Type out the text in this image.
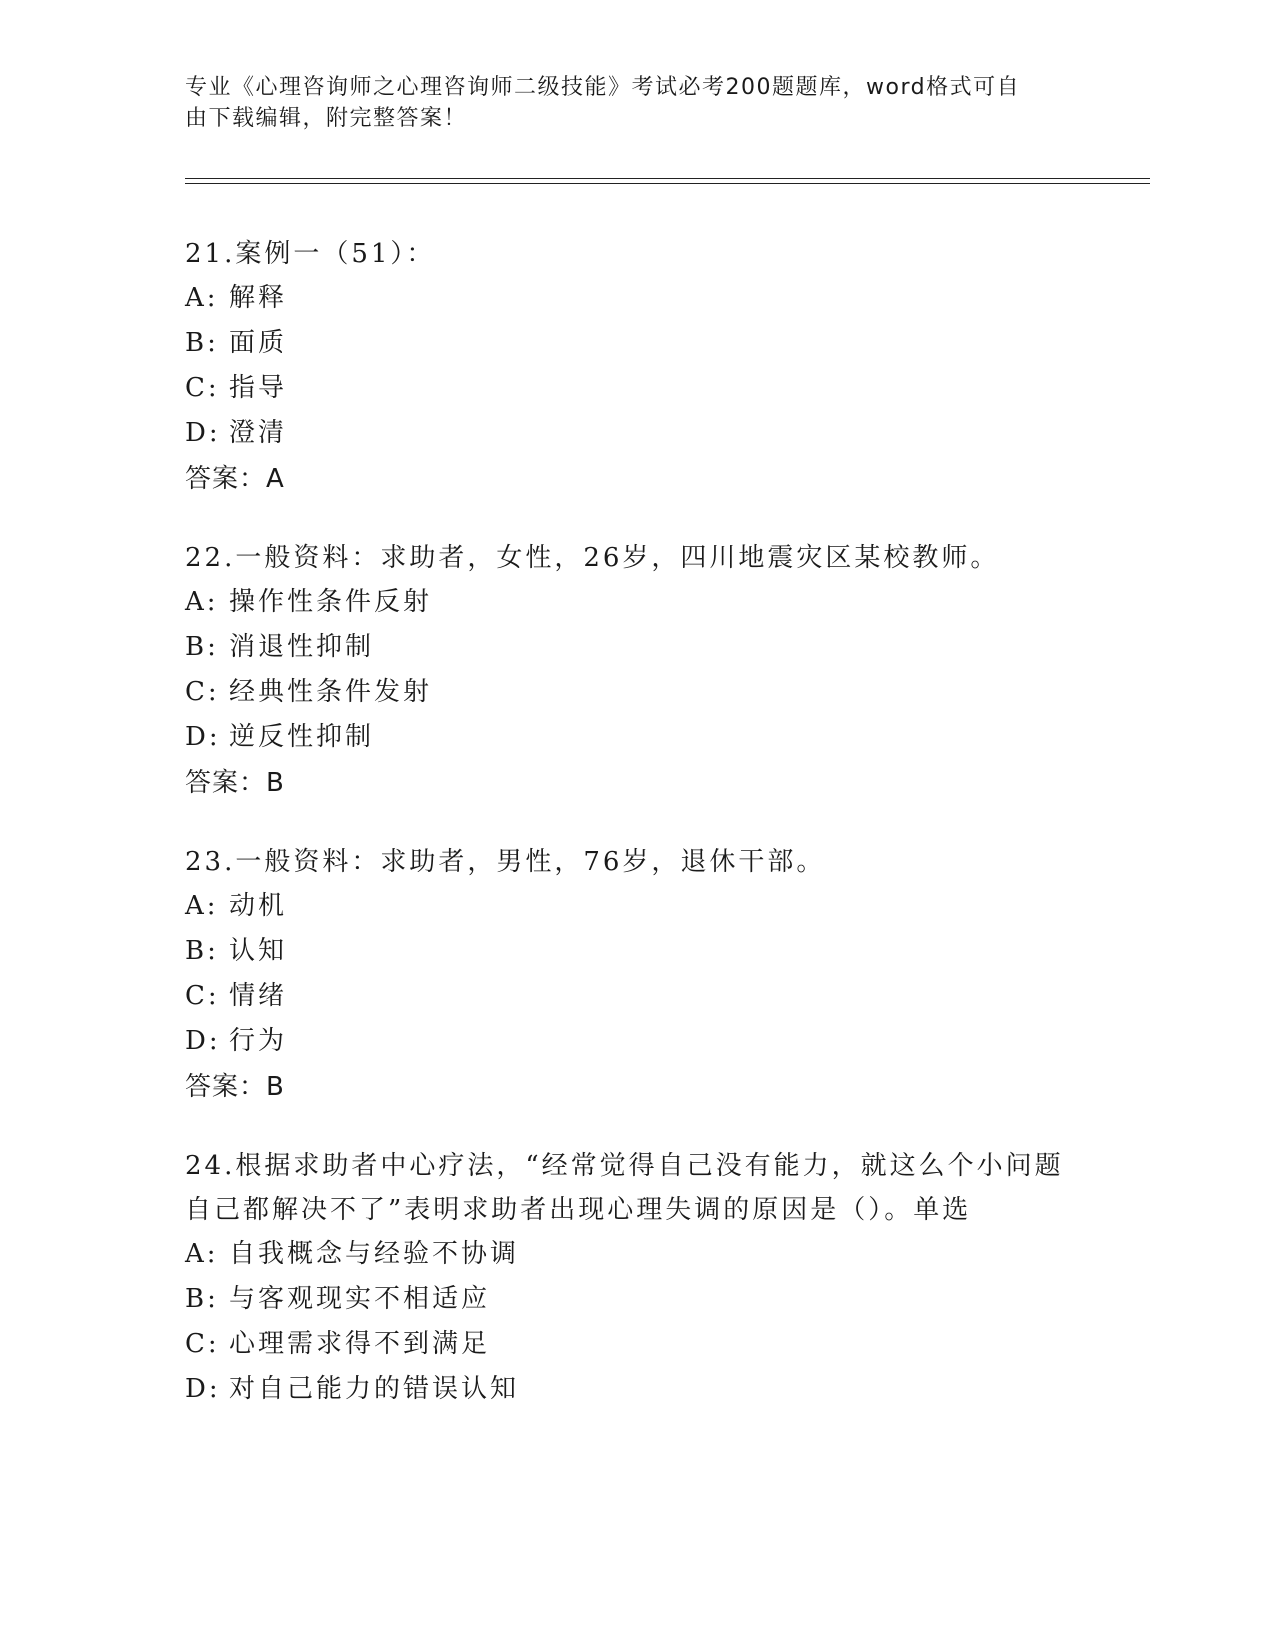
专业《心理咨询师之心理咨询师二级技能》考试必考200题题库，word格式可自
由下载编辑，附完整答案！

21.案例一（51）：

A: 解释

B: 面质

C: 指导

D: 澄清

答案：A

22.一般资料：求助者，女性，26岁，四川地震灾区某校教师。

A: 操作性条件反射

B: 消退性抑制

C: 经典性条件发射

D: 逆反性抑制

答案：B

23.一般资料：求助者，男性，76岁，退休干部。

A: 动机

B: 认知

C: 情绪

D: 行为

答案：B

24.根据求助者中心疗法，“经常觉得自己没有能力，就这么个小问题自己都解决不了”表明求助者出现心理失调的原因是（）。单选

A: 自我概念与经验不协调

B: 与客观现实不相适应

C: 心理需求得不到满足

D: 对自己能力的错误认知
